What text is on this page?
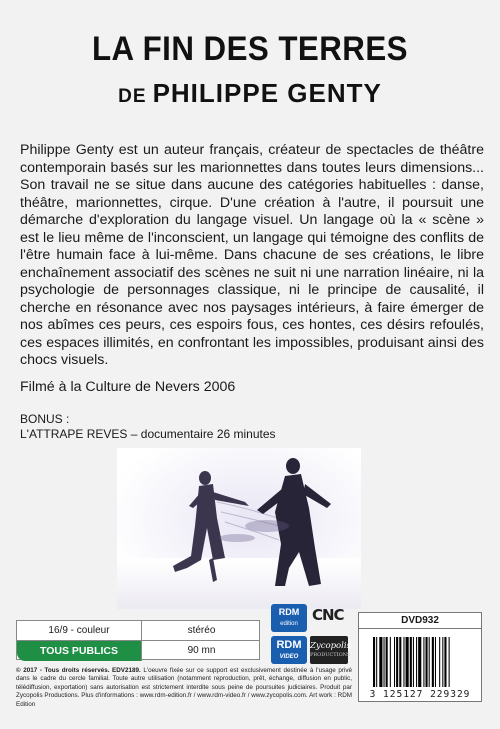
LA FIN DES TERRES
DE PHILIPPE GENTY

Philippe Genty est un auteur français, créateur de spectacles de théâtre contemporain basés sur les marionnettes dans toutes leurs dimensions... Son travail ne se situe dans aucune des catégories habituelles : danse, théâtre, marionnettes, cirque. D'une création à l'autre, il poursuit une démarche d'exploration du langage visuel. Un langage où la « scène » est le lieu même de l'inconscient, un langage qui témoigne des conflits de l'être humain face à lui-même. Dans chacune de ses créations, le libre enchaînement associatif des scènes ne suit ni une narration linéaire, ni la psychologie de personnages classique, ni le principe de causalité, il cherche en résonance avec nos paysages intérieurs, à faire émerger de nos abîmes ces peurs, ces espoirs fous, ces hontes, ces désirs refoulés, ces espaces illimités, en confrontant les impossibles, produisant ainsi des chocs visuels.

Filmé à la Culture de Nevers 2006

BONUS :
L'ATTRAPE REVES – documentaire 26 minutes
16/9 - couleur	stéréo
TOUS PUBLICS	90 mn
RDM
edition
RDM
VIDEO
CNC
Zycopolis
PRODUCTIONS
DVD932
3 125127 229329

© 2017 - Tous droits réservés. EDV2189. L'oeuvre fixée sur ce support est exclusivement destinée à l'usage privé dans le cadre du cercle familial. Toute autre utilisation (notamment reproduction, prêt, échange, diffusion en public, télédiffusion, exportation) sans autorisation est strictement interdite sous peine de poursuites judiciaires. Produit par Zycopolis Productions. Plus d'informations : www.rdm-edition.fr / www.rdm-video.fr / www.zycopolis.com. Art work : RDM Edition
